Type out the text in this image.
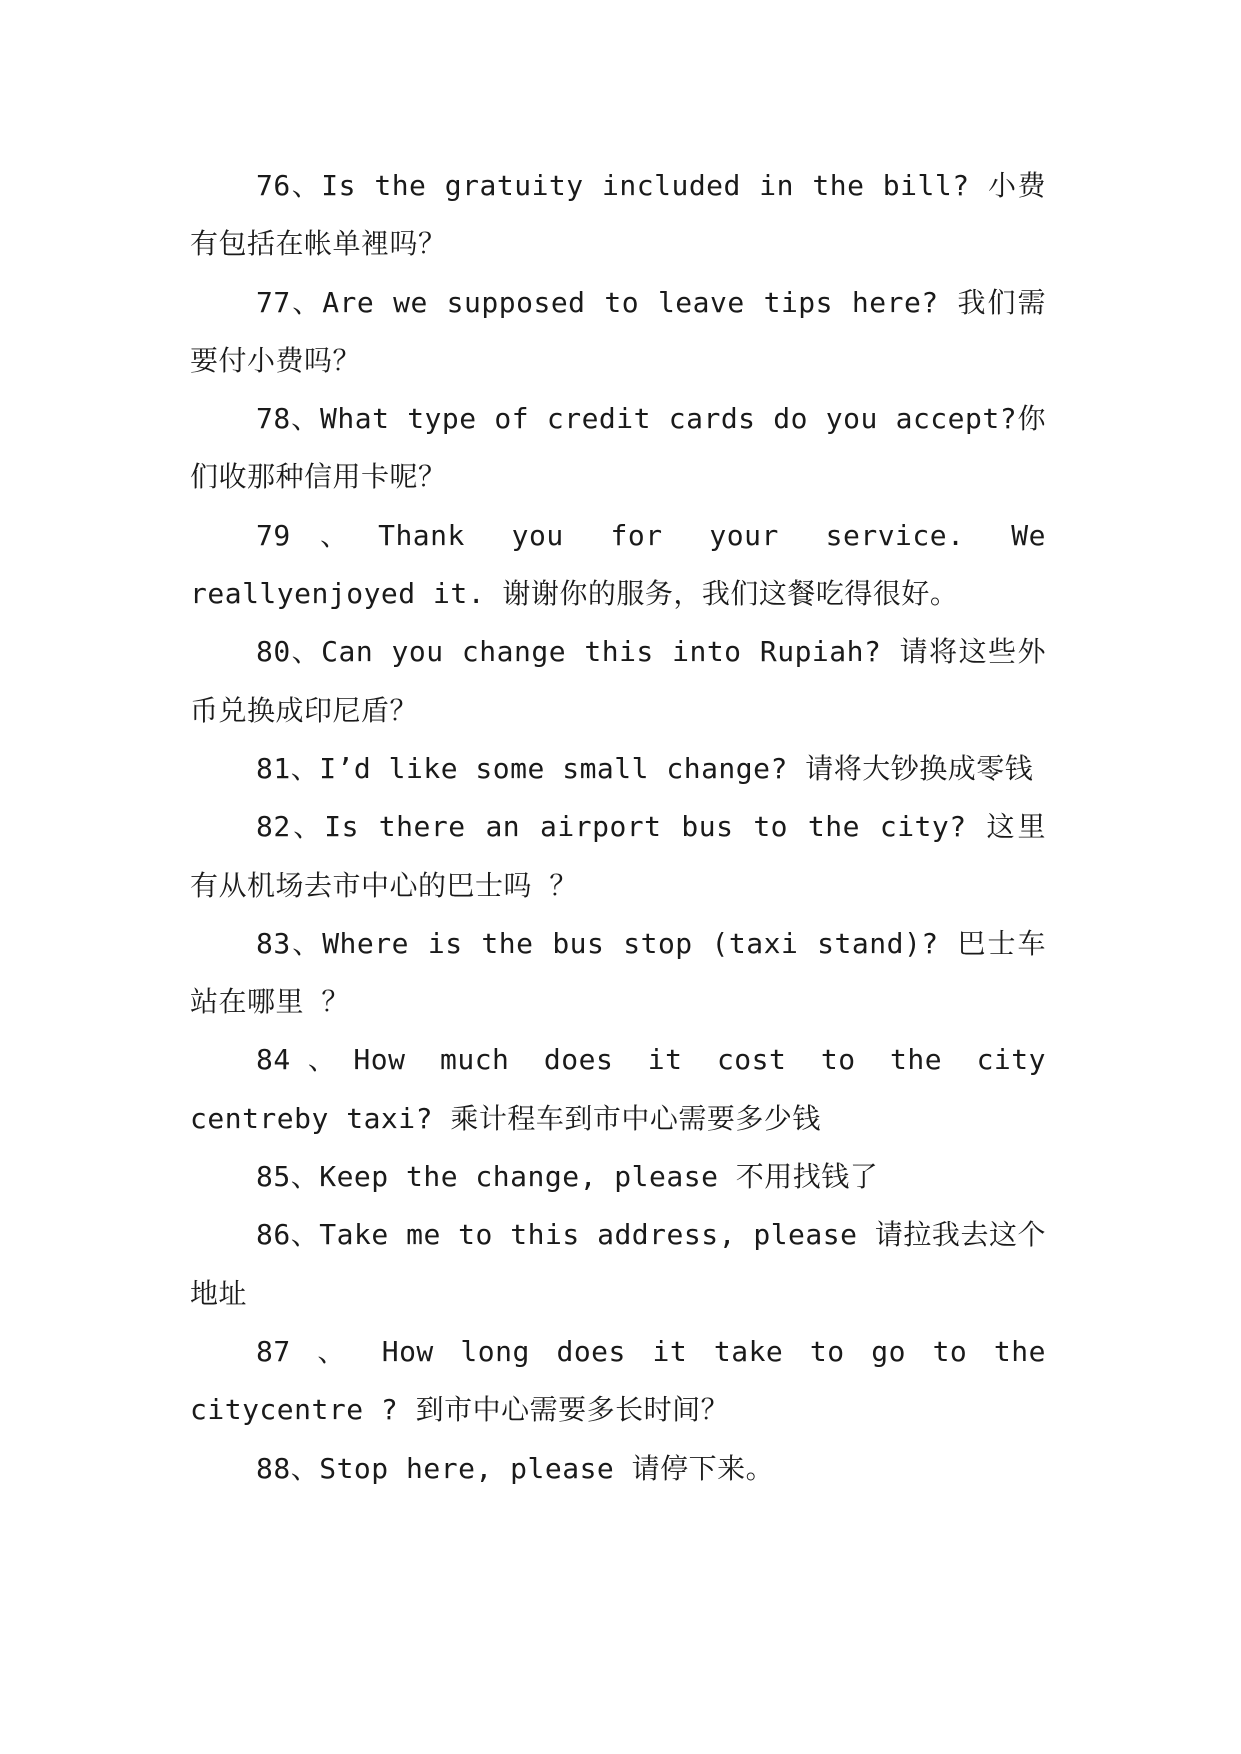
76、Is the gratuity included in the bill? 小费有包括在帐单裡吗？

77、Are we supposed to leave tips here? 我们需要付小费吗？

78、What type of credit cards do you accept?你们收那种信用卡呢？

79、Thank you for your service. We reallyenjoyed it. 谢谢你的服务，我们这餐吃得很好。

80、Can you change this into Rupiah? 请将这些外币兑换成印尼盾？

81、I’d like some small change? 请将大钞换成零钱

82、Is there an airport bus to the city? 这里有从机场去市中心的巴士吗 ？

83、Where is the bus stop (taxi stand)? 巴士车站在哪里 ？

84、How much does it cost to the city centreby taxi? 乘计程车到市中心需要多少钱

85、Keep the change, please 不用找钱了

86、Take me to this address, please 请拉我去这个地址

87 、 How long does it take to go to the citycentre ? 到市中心需要多长时间？

88、Stop here, please 请停下来。
